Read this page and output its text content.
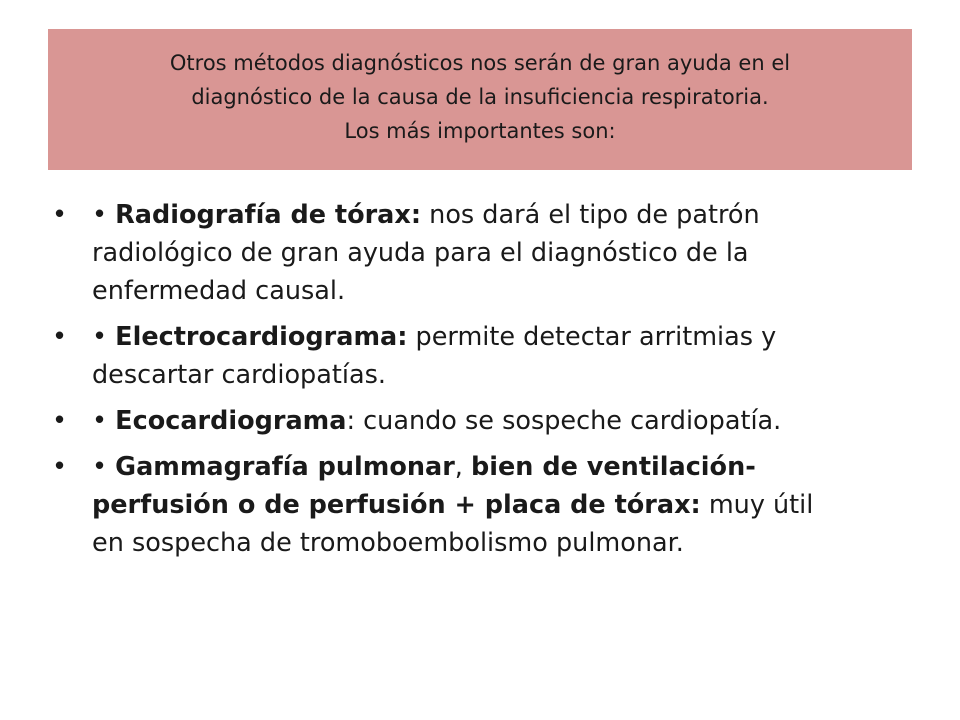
Otros métodos diagnósticos nos serán de gran ayuda en el
diagnóstico de la causa de la insuficiencia respiratoria.
Los más importantes son:
• • Radiografía de tórax: nos dará el tipo de patrón radiológico de gran ayuda para el diagnóstico de la enfermedad causal.
• • Electrocardiograma: permite detectar arritmias y descartar cardiopatías.
• • Ecocardiograma: cuando se sospeche cardiopatía.
• • Gammagrafía pulmonar, bien de ventilación-perfusión o de perfusión + placa de tórax: muy útil en sospecha de tromoboembolismo pulmonar.
